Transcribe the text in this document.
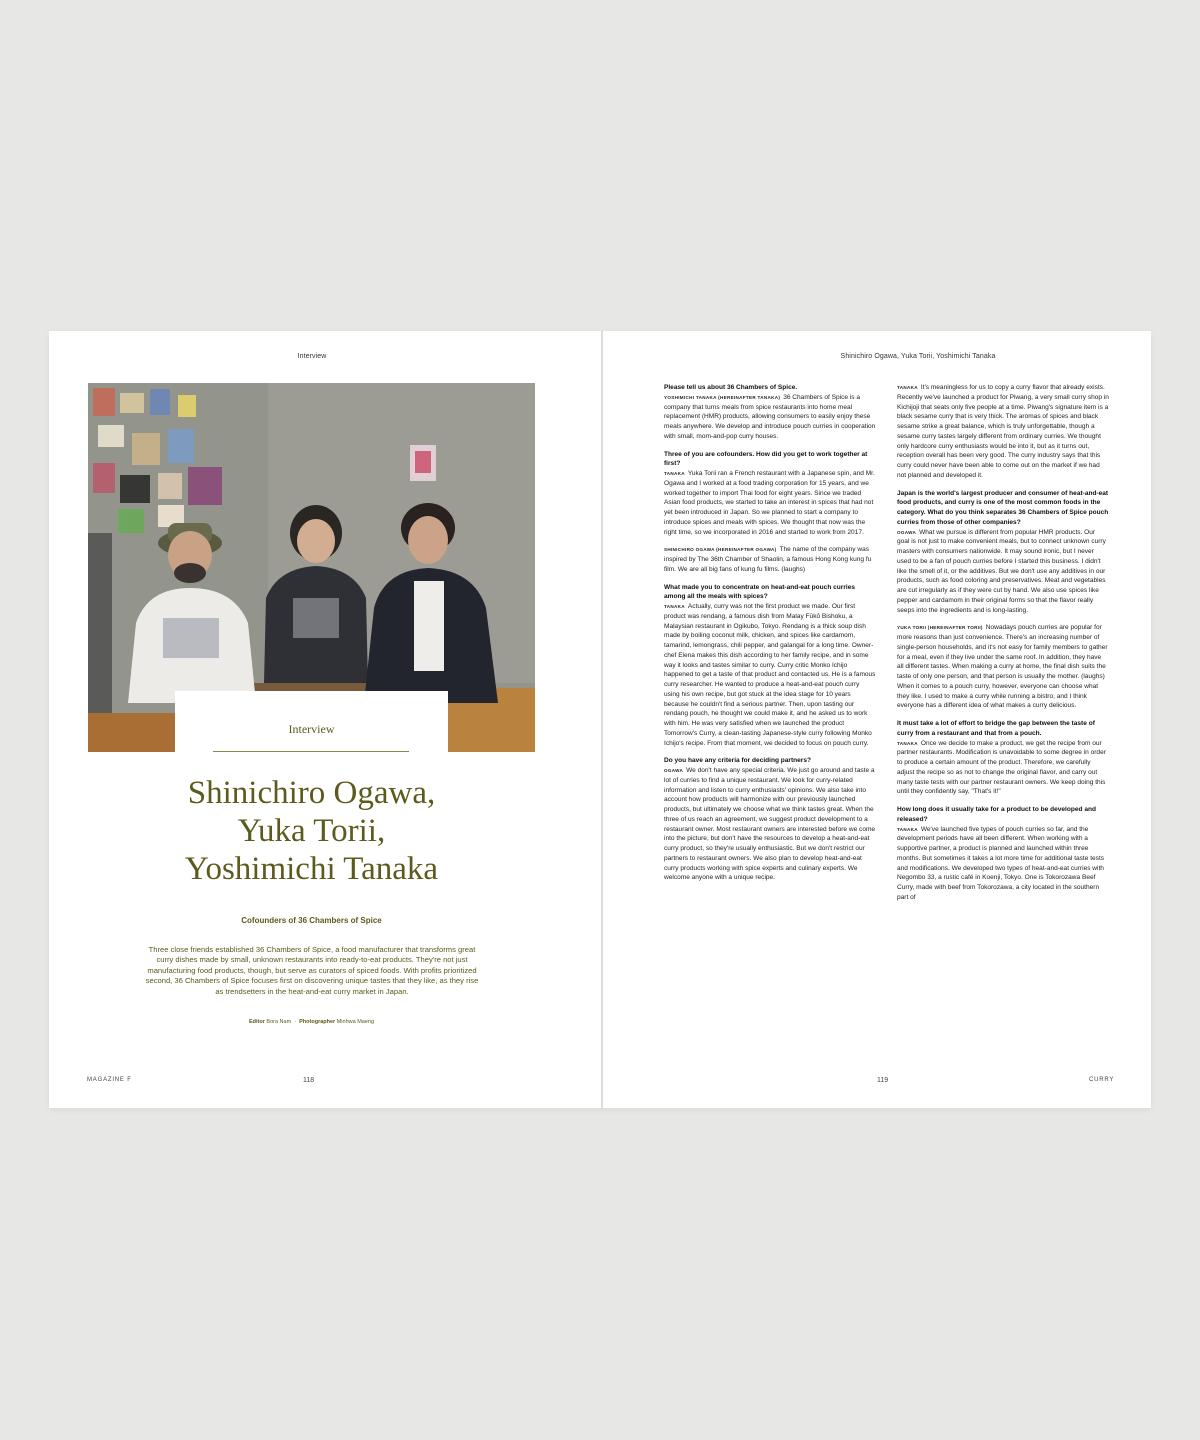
Interview
Interview
Shinichiro Ogawa,
Yuka Torii,
Yoshimichi Tanaka
Cofounders of 36 Chambers of Spice
Three close friends established 36 Chambers of Spice, a food manufacturer that transforms great curry dishes made by small, unknown restaurants into ready-to-eat products. They're not just manufacturing food products, though, but serve as curators of spiced foods. With profits prioritized second, 36 Chambers of Spice focuses first on discovering unique tastes that they like, as they rise as trendsetters in the heat-and-eat curry market in Japan.
Editor Bora Nam  ·  Photographer Minhwa Maeng
MAGAZINE F	118
Shinichiro Ogawa, Yuka Torii, Yoshimichi Tanaka
Please tell us about 36 Chambers of Spice.
YOSHIMICHI TANAKA (HEREINAFTER TANAKA) 36 Chambers of Spice is a company that turns meals from spice restaurants into home meal replacement (HMR) products, allowing consumers to easily enjoy these meals anywhere. We develop and introduce pouch curries in cooperation with small, mom-and-pop curry houses.
Three of you are cofounders. How did you get to work together at first?
TANAKA Yuka Torii ran a French restaurant with a Japanese spin, and Mr. Ogawa and I worked at a food trading corporation for 15 years, and we worked together to import Thai food for eight years. Since we traded Asian food products, we started to take an interest in spices that had not yet been introduced in Japan. So we planned to start a company to introduce spices and meals with spices. We thought that now was the right time, so we incorporated in 2016 and started to work from 2017.
SHINICHIRO OGAWA (HEREINAFTER OGAWA) The name of the company was inspired by The 36th Chamber of Shaolin, a famous Hong Kong kung fu film. We are all big fans of kung fu films. (laughs)
What made you to concentrate on heat-and-eat pouch curries among all the meals with spices?
TANAKA Actually, curry was not the first product we made. Our first product was rendang, a famous dish from Malay Fūkō Bishoku, a Malaysian restaurant in Ogikubo, Tokyo. Rendang is a thick soup dish made by boiling coconut milk, chicken, and spices like cardamom, tamarind, lemongrass, chili pepper, and galangal for a long time. Owner-chef Elena makes this dish according to her family recipe, and in some way it looks and tastes similar to curry. Curry critic Monko Ichijo happened to get a taste of that product and contacted us. He is a famous curry researcher. He wanted to produce a heat-and-eat pouch curry using his own recipe, but got stuck at the idea stage for 10 years because he couldn't find a serious partner. Then, upon tasting our rendang pouch, he thought we could make it, and he asked us to work with him. He was very satisfied when we launched the product Tomorrow's Curry, a clean-tasting Japanese-style curry following Monko Ichijo's recipe. From that moment, we decided to focus on pouch curry.
Do you have any criteria for deciding partners?
OGAWA We don't have any special criteria. We just go around and taste a lot of curries to find a unique restaurant. We look for curry-related information and listen to curry enthusiasts' opinions. We also take into account how products will harmonize with our previously launched products, but ultimately we choose what we think tastes great. When the three of us reach an agreement, we suggest product development to a restaurant owner. Most restaurant owners are interested before we come into the picture, but don't have the resources to develop a heat-and-eat curry product, so they're usually enthusiastic. But we don't restrict our partners to restaurant owners. We also plan to develop heat-and-eat curry products working with spice experts and culinary experts. We welcome anyone with a unique recipe.
TANAKA It's meaningless for us to copy a curry flavor that already exists. Recently we've launched a product for Piwang, a very small curry shop in Kichijoji that seats only five people at a time. Piwang's signature item is a black sesame curry that is very thick. The aromas of spices and black sesame strike a great balance, which is truly unforgettable, though a sesame curry tastes largely different from ordinary curries. We thought only hardcore curry enthusiasts would be into it, but as it turns out, reception overall has been very good. The curry industry says that this curry could never have been able to come out on the market if we had not planned and developed it.
Japan is the world's largest producer and consumer of heat-and-eat food products, and curry is one of the most common foods in the category. What do you think separates 36 Chambers of Spice pouch curries from those of other companies?
OGAWA What we pursue is different from popular HMR products. Our goal is not just to make convenient meals, but to connect unknown curry masters with consumers nationwide. It may sound ironic, but I never used to be a fan of pouch curries before I started this business. I didn't like the smell of it, or the additives. But we don't use any additives in our products, such as food coloring and preservatives. Meat and vegetables are cut irregularly as if they were cut by hand. We also use spices like pepper and cardamom in their original forms so that the flavor really seeps into the ingredients and is long-lasting.
YUKA TORII (HEREINAFTER TORII) Nowadays pouch curries are popular for more reasons than just convenience. There's an increasing number of single-person households, and it's not easy for family members to gather for a meal, even if they live under the same roof. In addition, they have all different tastes. When making a curry at home, the final dish suits the taste of only one person, and that person is usually the mother. (laughs) When it comes to a pouch curry, however, everyone can choose what they like. I used to make a curry while running a bistro, and I think everyone has a different idea of what makes a curry delicious.
It must take a lot of effort to bridge the gap between the taste of curry from a restaurant and that from a pouch.
TANAKA Once we decide to make a product, we get the recipe from our partner restaurants. Modification is unavoidable to some degree in order to produce a certain amount of the product. Therefore, we carefully adjust the recipe so as not to change the original flavor, and carry out many taste tests with our partner restaurant owners. We keep doing this until they confidently say, "That's it!"
How long does it usually take for a product to be developed and released?
TANAKA We've launched five types of pouch curries so far, and the development periods have all been different. When working with a supportive partner, a product is planned and launched within three months. But sometimes it takes a lot more time for additional taste tests and modifications. We developed two types of heat-and-eat curries with Negombo 33, a rustic café in Koenji, Tokyo. One is Tokorozawa Beef Curry, made with beef from Tokorozawa, a city located in the southern part of
119	CURRY
